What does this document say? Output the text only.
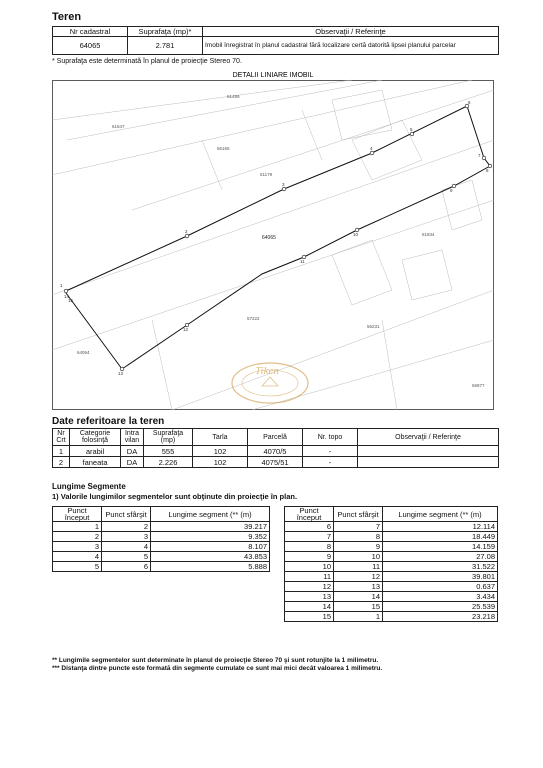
Teren
Nr cadastral	Suprafaţa (mp)*	Observaţii / Referinţe
64065	2.781	Imobil înregistrat în planul cadastral fără localizare certă datorită lipsei planului parcelar
* Suprafaţa este determinată în planul de proiecţie Stereo 70.
DETALII LINIARE IMOBIL
1
2
3
4
5
6
7
8
9
10
11
12
13
14
15
61489
61647
56165
51179
61834
57222
56231
64064
56877
64065
Tiken
Date referitoare la teren
Nr Crt	Categorie folosinţă	Intra vilan	Suprafaţa (mp)	Tarla	Parcelă	Nr. topo	Observaţii / Referinţe
1	arabil	DA	555	102	4070/5	-	
2	faneata	DA	2.226	102	4075/51	-	
Lungime Segmente
1) Valorile lungimilor segmentelor sunt obţinute din proiecţie în plan.
Punct început	Punct sfârşit	Lungime segment (** (m)
1	2	39.217
2	3	9.352
3	4	8.107
4	5	43.853
5	6	5.888
Punct început	Punct sfârşit	Lungime segment (** (m)
6	7	12.114
7	8	18.449
8	9	14.159
9	10	27.08
10	11	31.522
11	12	39.801
12	13	0.637
13	14	3.434
14	15	25.539
15	1	23.218
** Lungimile segmentelor sunt determinate în planul de proiecţie Stereo 70 şi sunt rotunjite la 1 milimetru.
*** Distanţa dintre puncte este formată din segmente cumulate ce sunt mai mici decât valoarea 1 milimetru.
